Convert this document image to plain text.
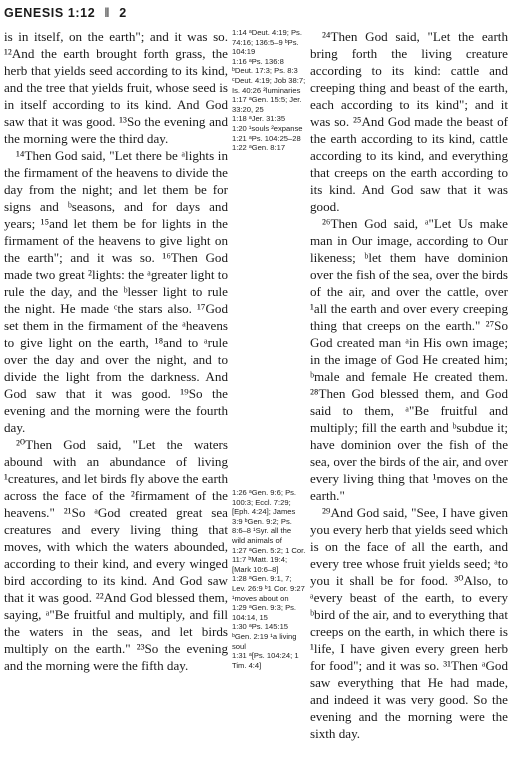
GENESIS 1:12 ‖ 2

is in itself, on the earth"; and it was so. ¹²And the earth brought forth grass, the herb that yields seed according to its kind, and the tree that yields fruit, whose seed is in itself according to its kind. And God saw that it was good. ¹³So the evening and the morning were the third day.

¹⁴Then God said, "Let there be ᵃlights in the firmament of the heavens to divide the day from the night; and let them be for signs and ᵇseasons, and for days and years; ¹⁵and let them be for lights in the firmament of the heavens to give light on the earth"; and it was so. ¹⁶Then God made two great ²lights: the ᵃgreater light to rule the day, and the ᵇlesser light to rule the night. He made ᶜthe stars also. ¹⁷God set them in the firmament of the ᵃheavens to give light on the earth, ¹⁸and to ᵃrule over the day and over the night, and to divide the light from the darkness. And God saw that it was good. ¹⁹So the evening and the morning were the fourth day.

²⁰Then God said, "Let the waters abound with an abundance of living ¹creatures, and let birds fly above the earth across the face of the ²firmament of the heavens." ²¹So ᵃGod created great sea creatures and every living thing that moves, with which the waters abounded, according to their kind, and every winged bird according to its kind. And God saw that it was good. ²²And God blessed them, saying, ᵃ"Be fruitful and multiply, and fill the waters in the seas, and let birds multiply on the earth." ²³So the evening and the morning were the fifth day.

1:14 ᵃDeut. 4:19; Ps. 74:16; 136:5–9 ᵇPs. 104:19

1:16 ᵃPs. 136:8 ᵇDeut. 17:3; Ps. 8:3 ᶜDeut. 4:19; Job 38:7; Is. 40:26 ²luminaries

1:17 ᵃGen. 15:5; Jer. 33:20, 25

1:18 ᵃJer. 31:35

1:20 ¹souls ²expanse

1:21 ᵃPs. 104:25–28

1:22 ᵃGen. 8:17

1:26 ᵃGen. 9:6; Ps. 100:3; Eccl. 7:29; [Eph. 4:24]; James 3:9 ᵇGen. 9:2; Ps. 8:6–8 ¹Syr. all the wild animals of

1:27 ᵃGen. 5:2; 1 Cor. 11:7 ᵇMatt. 19:4; [Mark 10:6–8]

1:28 ᵃGen. 9:1, 7; Lev. 26:9 ᵇ1 Cor. 9:27 ¹moves about on

1:29 ᵃGen. 9:3; Ps. 104:14, 15

1:30 ᵃPs. 145:15 ᵇGen. 2:19 ¹a living soul

1:31 ᵃ[Ps. 104:24; 1 Tim. 4:4]

²⁴Then God said, "Let the earth bring forth the living creature according to its kind: cattle and creeping thing and beast of the earth, each according to its kind"; and it was so. ²⁵And God made the beast of the earth according to its kind, cattle according to its kind, and everything that creeps on the earth according to its kind. And God saw that it was good.

²⁶Then God said, ᵃ"Let Us make man in Our image, according to Our likeness; ᵇlet them have dominion over the fish of the sea, over the birds of the air, and over the cattle, over ¹all the earth and over every creeping thing that creeps on the earth." ²⁷So God created man ᵃin His own image; in the image of God He created him; ᵇmale and female He created them. ²⁸Then God blessed them, and God said to them, ᵃ"Be fruitful and multiply; fill the earth and ᵇsubdue it; have dominion over the fish of the sea, over the birds of the air, and over every living thing that ¹moves on the earth."

²⁹And God said, "See, I have given you every herb that yields seed which is on the face of all the earth, and every tree whose fruit yields seed; ᵃto you it shall be for food. ³⁰Also, to ᵃevery beast of the earth, to every ᵇbird of the air, and to everything that creeps on the earth, in which there is ¹life, I have given every green herb for food"; and it was so. ³¹Then ᵃGod saw everything that He had made, and indeed it was very good. So the evening and the morning were the sixth day.
